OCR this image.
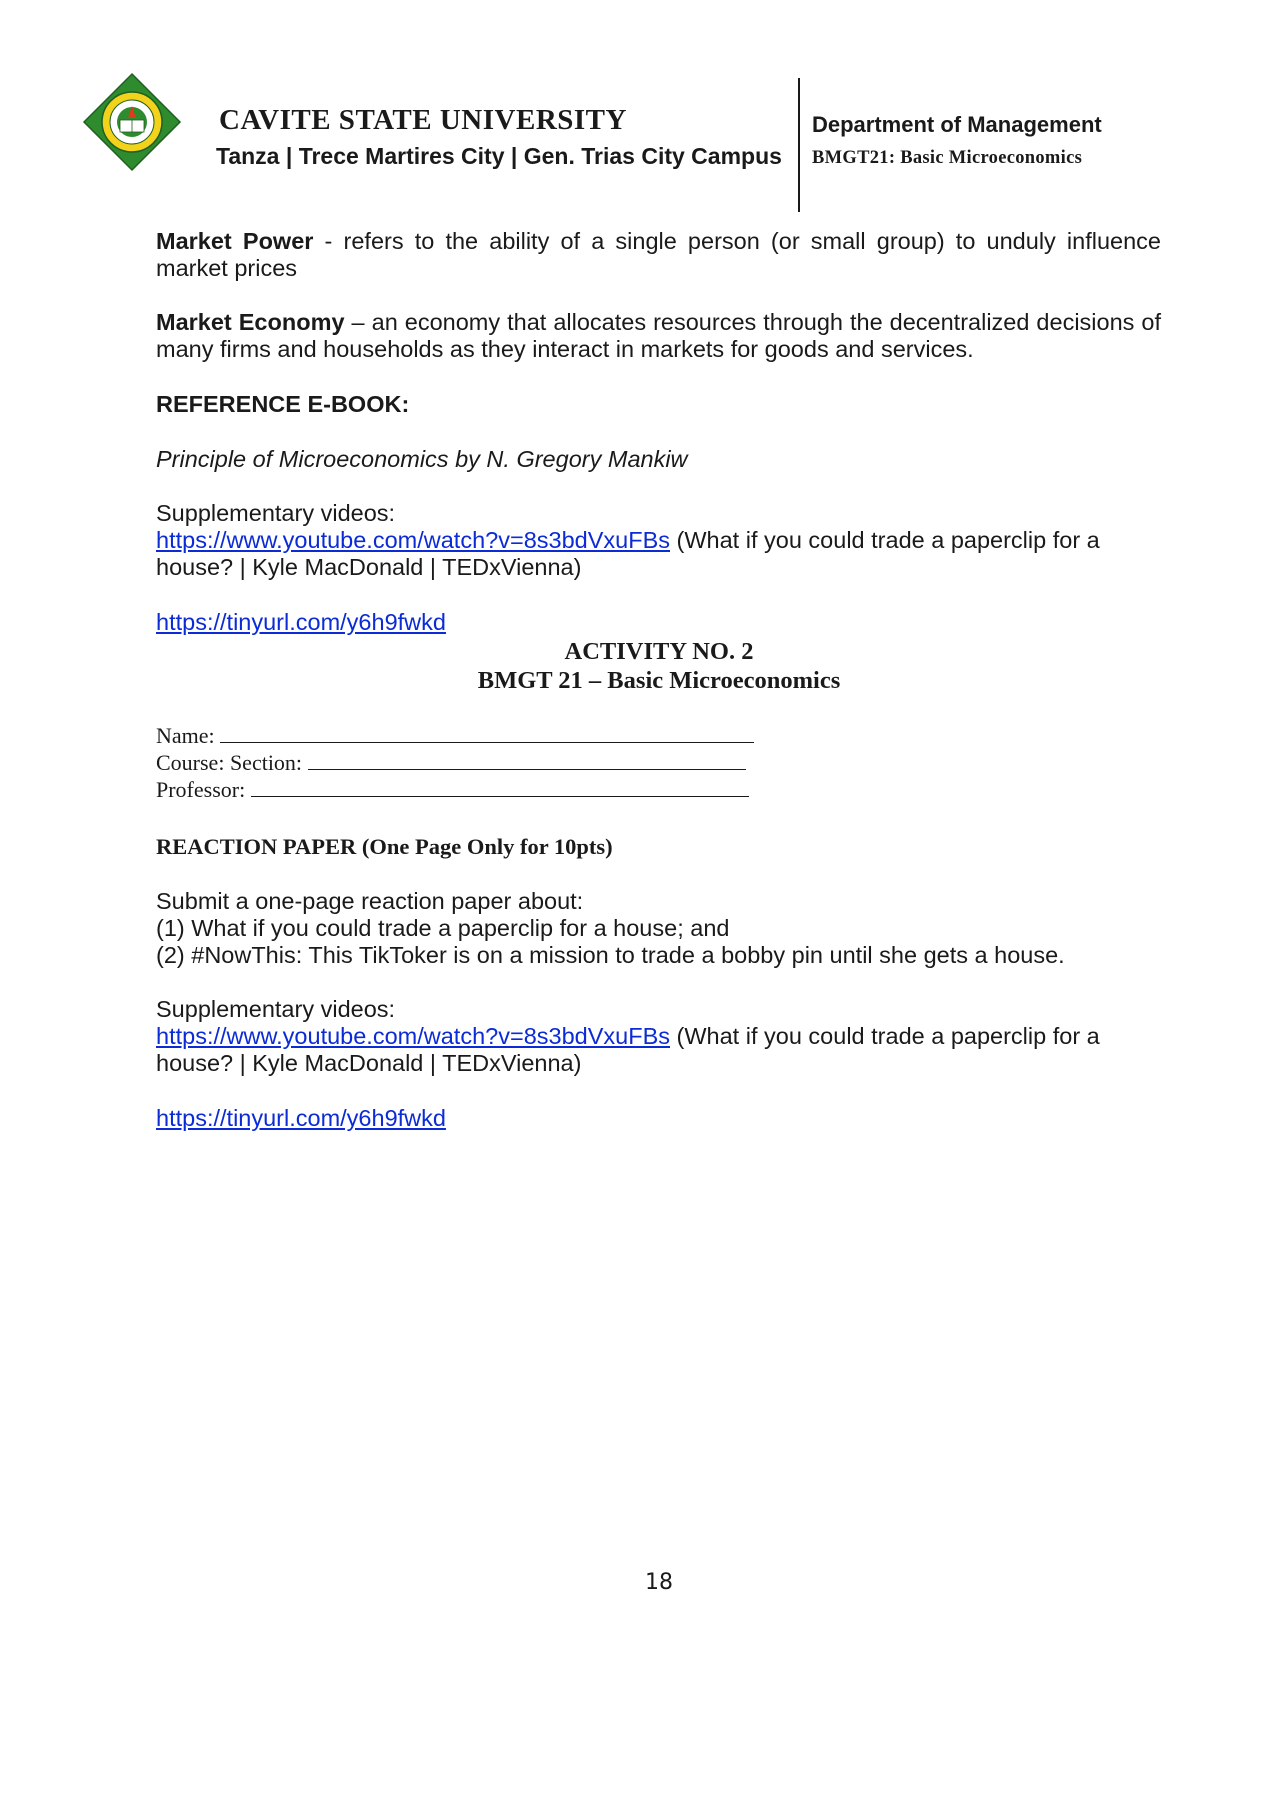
CAVITE STATE UNIVERSITY
Tanza | Trece Martires City | Gen. Trias City Campus
Department of Management
BMGT21: Basic Microeconomics
Market Power - refers to the ability of a single person (or small group) to unduly influence market prices
Market Economy – an economy that allocates resources through the decentralized decisions of many firms and households as they interact in markets for goods and services.
REFERENCE E-BOOK:
Principle of Microeconomics by N. Gregory Mankiw
Supplementary videos:
https://www.youtube.com/watch?v=8s3bdVxuFBs (What if you could trade a paperclip for a house? | Kyle MacDonald | TEDxVienna)
https://tinyurl.com/y6h9fwkd
ACTIVITY NO. 2
BMGT 21 – Basic Microeconomics
Name:
Course: Section:
Professor:
REACTION PAPER (One Page Only for 10pts)
Submit a one-page reaction paper about:
(1) What if you could trade a paperclip for a house; and
(2) #NowThis: This TikToker is on a mission to trade a bobby pin until she gets a house.
Supplementary videos:
https://www.youtube.com/watch?v=8s3bdVxuFBs (What if you could trade a paperclip for a house? | Kyle MacDonald | TEDxVienna)
https://tinyurl.com/y6h9fwkd
18
